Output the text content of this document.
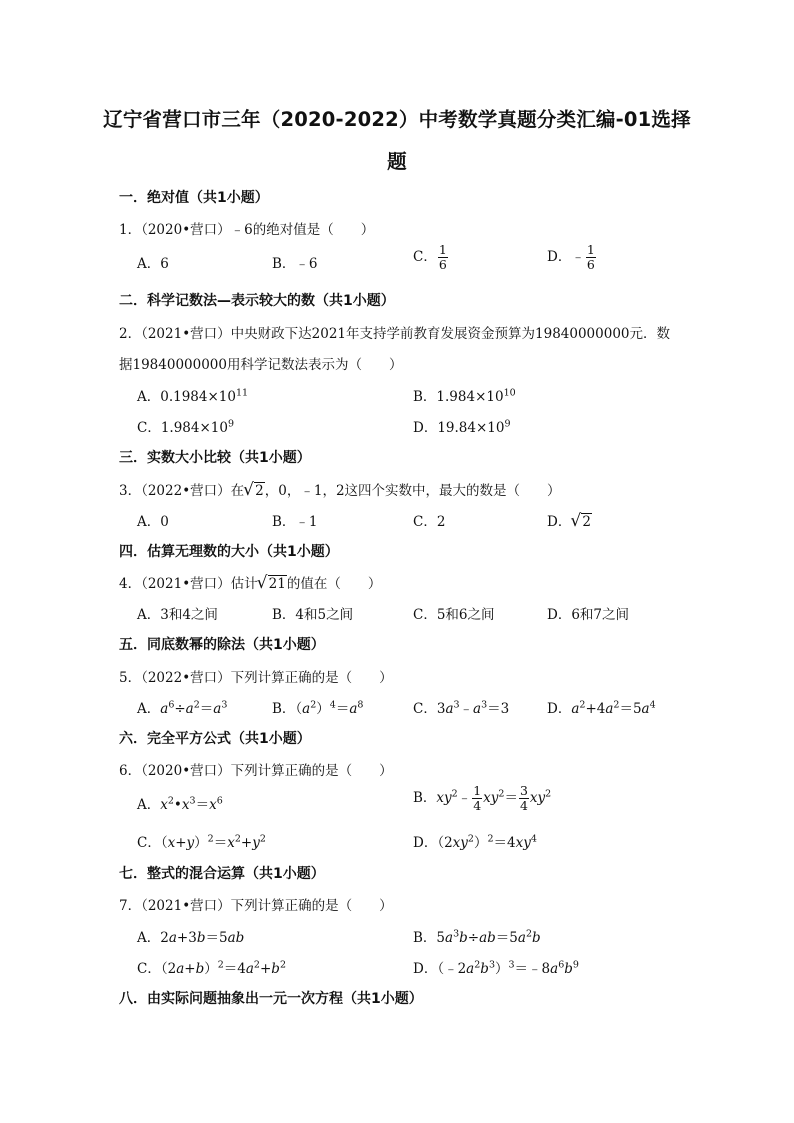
辽宁省营口市三年（2020-2022）中考数学真题分类汇编-01选择
题
一．绝对值（共1小题）
1．（2020•营口）﹣6的绝对值是（　　）
A．6	B．﹣6	C． $\frac{1}{6}$	D．﹣ $\frac{1}{6}$
二．科学记数法—表示较大的数（共1小题）
2．（2021•营口）中央财政下达2021年支持学前教育发展资金预算为19840000000元．数
据19840000000用科学记数法表示为（　　）
A．$0.1984\times 10^{11}$	B．$1.984\times 10^{10}$
C．$1.984\times 10^9$	D．$19.84\times 10^9$
三．实数大小比较（共1小题）
3．（2022•营口）在 √ 2，0，﹣1，2这四个实数中，最大的数是（　　）
A．0	B．﹣1	C．2	D． √ 2
四．估算无理数的大小（共1小题）
4．（2021•营口）估计 √ 21的值在（　　）
A．3和4之间	B．4和5之间	C．5和6之间	D．6和7之间
五．同底数幂的除法（共1小题）
5．（2022•营口）下列计算正确的是（　　）
A．$a^6\div a^2=a^3$	B．$(a^2)^4=a^8$	C．$3a^3﹣a^3=3$	D．$a^2+4a^2=5a^4$
六．完全平方公式（共1小题）
6．（2020•营口）下列计算正确的是（　　）
A．$x^2•x^3=x^6$	B．$xy^2﹣ \frac{1}{4} xy^2= \frac{3}{4} xy^2$
C．$(x+y)^2=x^2+y^2$	D．$(2xy^2)^2=4xy^4$
七．整式的混合运算（共1小题）
7．（2021•营口）下列计算正确的是（　　）
A．2a+3b＝5ab	B．$5a^3b\div ab=5a^2b$
C．$(2a+b)^2=4a^2+b^2$	D．$(﹣2a^2b^3)^3=﹣8a^6b^9$
八．由实际问题抽象出一元一次方程（共1小题）
